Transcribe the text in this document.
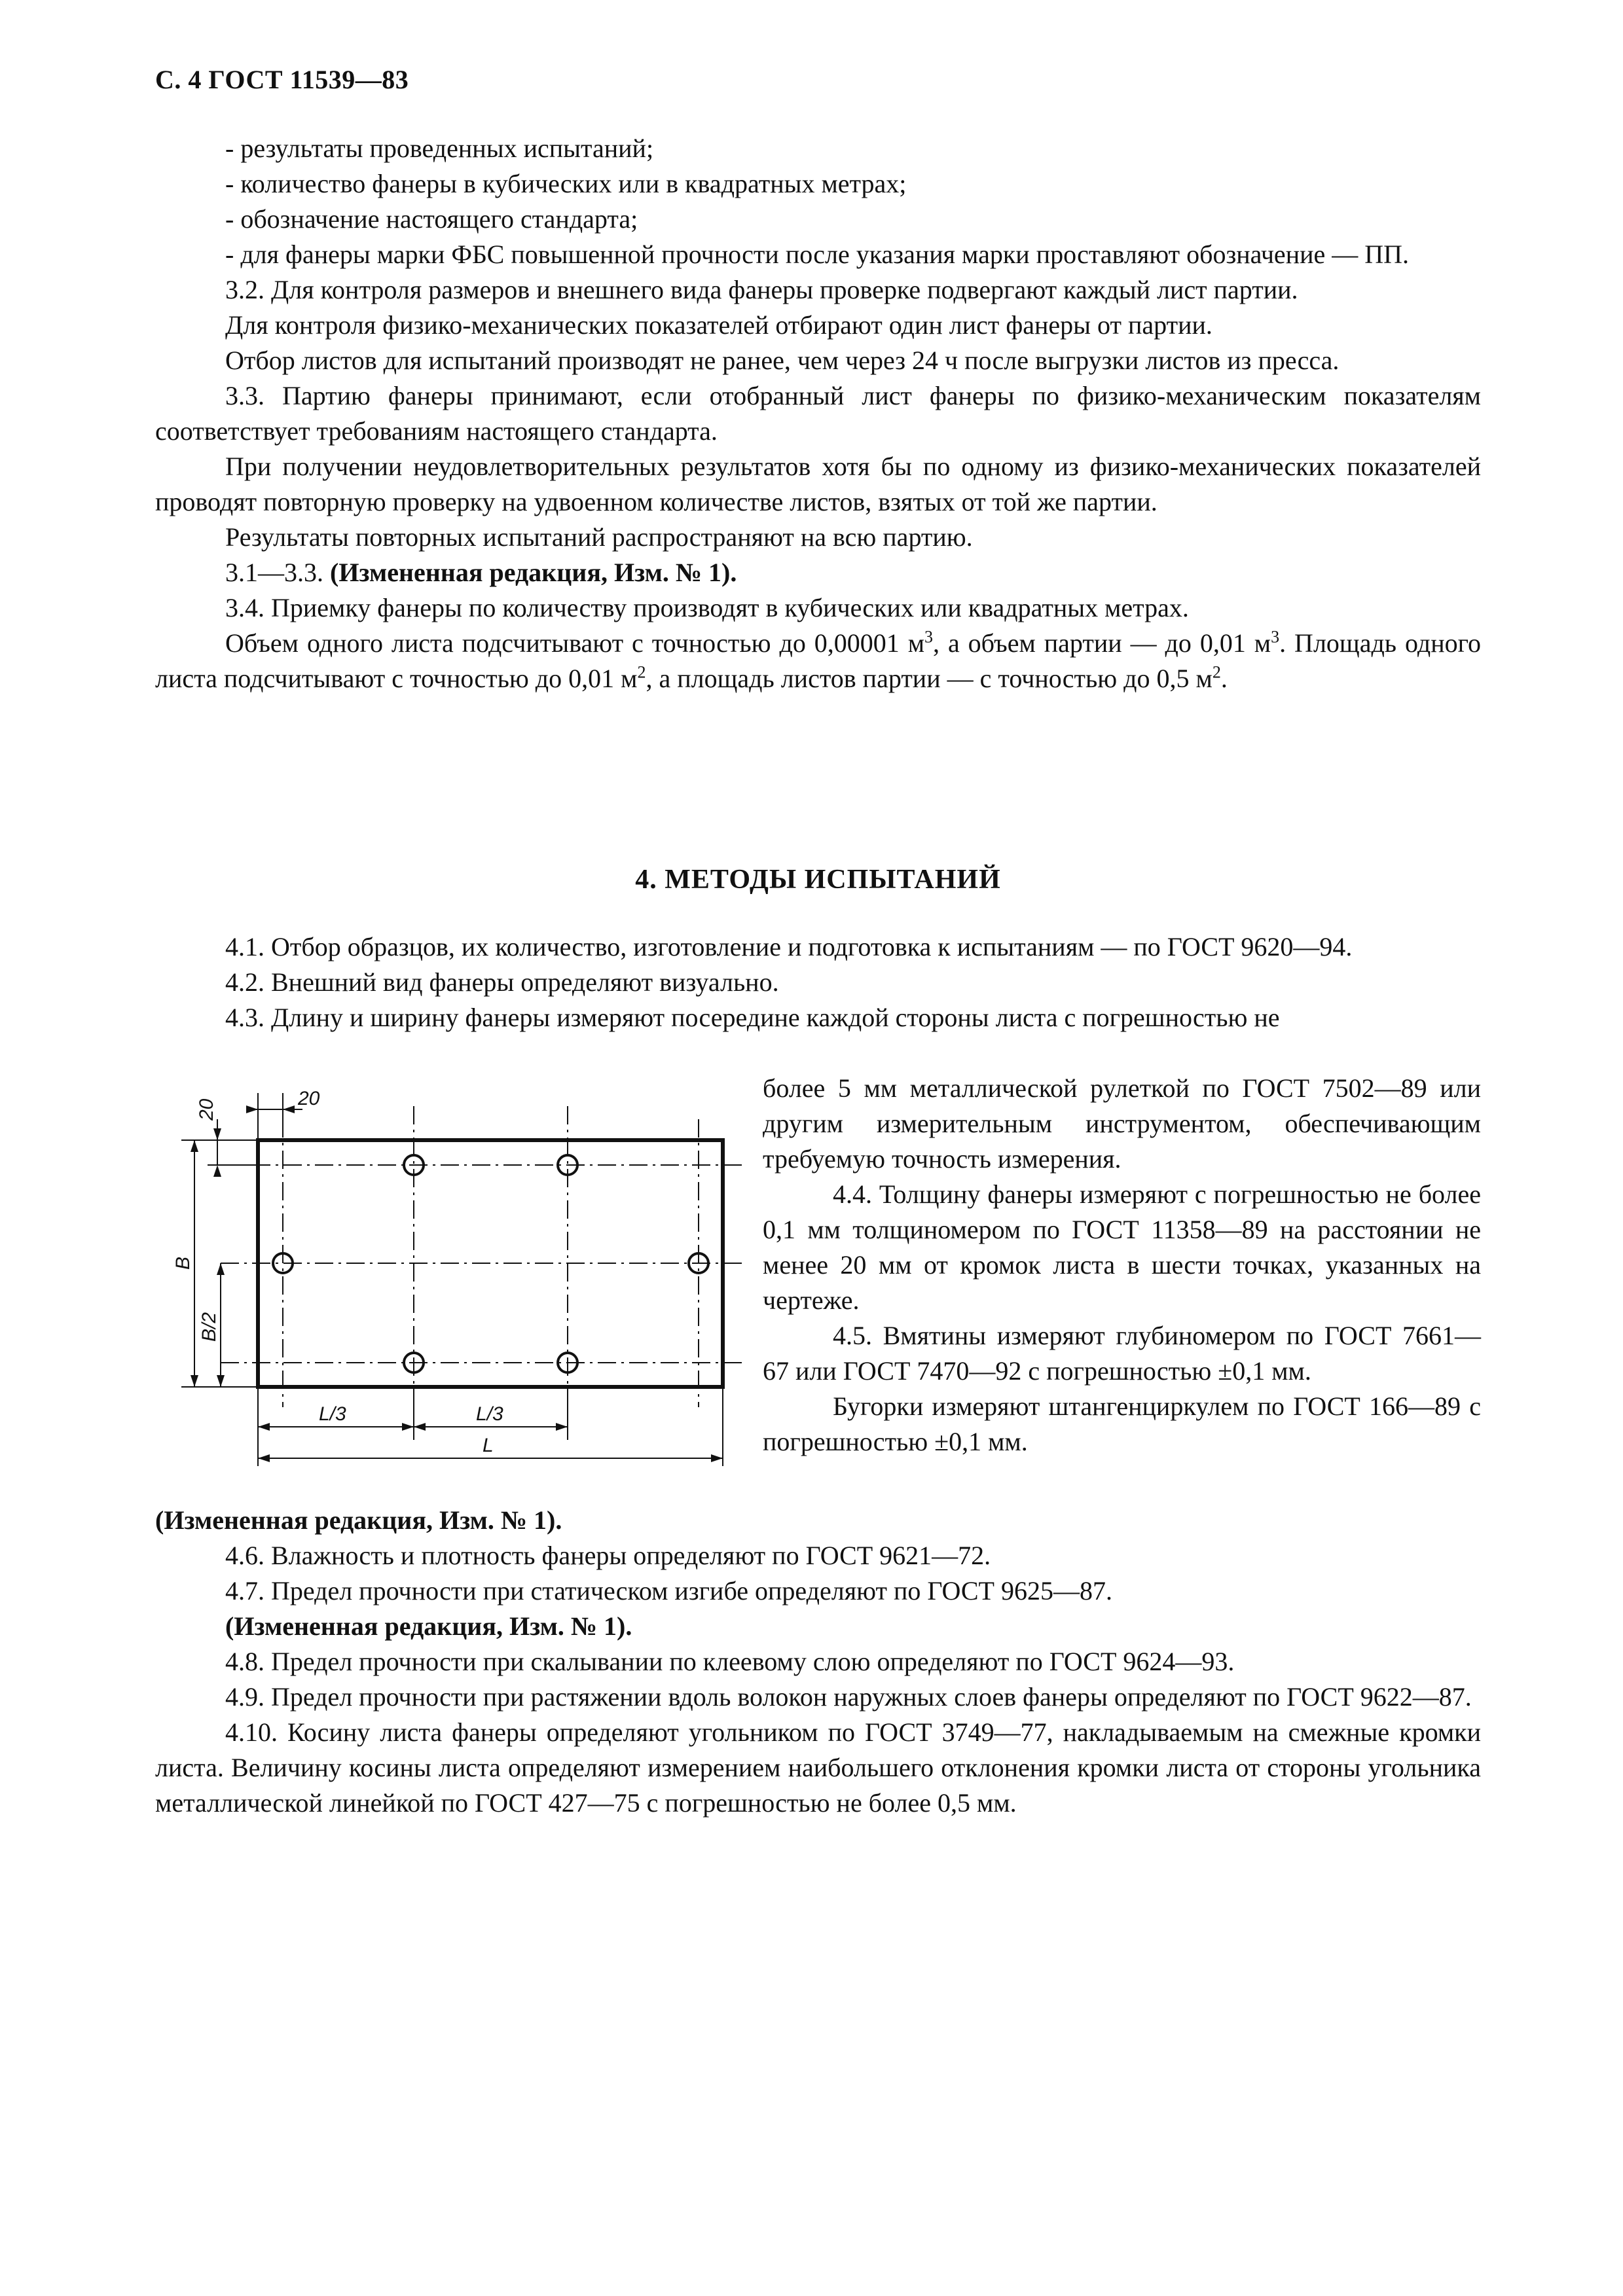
С. 4 ГОСТ 11539—83

- результаты проведенных испытаний;

- количество фанеры в кубических или в квадратных метрах;

- обозначение настоящего стандарта;

- для фанеры марки ФБС повышенной прочности после указания марки проставляют обозначение — ПП.

3.2. Для контроля размеров и внешнего вида фанеры проверке подвергают каждый лист партии.

Для контроля физико-механических показателей отбирают один лист фанеры от партии.

Отбор листов для испытаний производят не ранее, чем через 24 ч после выгрузки листов из пресса.

3.3. Партию фанеры принимают, если отобранный лист фанеры по физико-механическим показателям соответствует требованиям настоящего стандарта.

При получении неудовлетворительных результатов хотя бы по одному из физико-механических показателей проводят повторную проверку на удвоенном количестве листов, взятых от той же партии.

Результаты повторных испытаний распространяют на всю партию.

3.1—3.3. (Измененная редакция, Изм. № 1).

3.4. Приемку фанеры по количеству производят в кубических или квадратных метрах.

Объем одного листа подсчитывают с точностью до 0,00001 $м^3$, а объем партии — до 0,01 $м^3$. Площадь одного листа подсчитывают с точностью до 0,01 $м^2$, а площадь листов партии — с точностью до 0,5 $м^2$.

4. МЕТОДЫ ИСПЫТАНИЙ

4.1. Отбор образцов, их количество, изготовление и подготовка к испытаниям — по ГОСТ 9620—94.

4.2. Внешний вид фанеры определяют визуально.

4.3. Длину и ширину фанеры измеряют посередине каждой стороны листа с погрешностью не

20
20
B
B/2
L/3	L/3
L

более 5 мм металлической рулеткой по ГОСТ 7502—89 или другим измерительным инструментом, обеспечивающим требуемую точность измерения.

4.4. Толщину фанеры измеряют с погрешностью не более 0,1 мм толщиномером по ГОСТ 11358—89 на расстоянии не менее 20 мм от кромок листа в шести точках, указанных на чертеже.

4.5. Вмятины измеряют глубиномером по ГОСТ 7661—67 или ГОСТ 7470—92 с погрешностью ±0,1 мм.

Бугорки измеряют штангенциркулем по ГОСТ 166—89 с погрешностью ±0,1 мм.

(Измененная редакция, Изм. № 1).

4.6. Влажность и плотность фанеры определяют по ГОСТ 9621—72.

4.7. Предел прочности при статическом изгибе определяют по ГОСТ 9625—87.

(Измененная редакция, Изм. № 1).

4.8. Предел прочности при скалывании по клеевому слою определяют по ГОСТ 9624—93.

4.9. Предел прочности при растяжении вдоль волокон наружных слоев фанеры определяют по ГОСТ 9622—87.

4.10. Косину листа фанеры определяют угольником по ГОСТ 3749—77, накладываемым на смежные кромки листа. Величину косины листа определяют измерением наибольшего отклонения кромки листа от стороны угольника металлической линейкой по ГОСТ 427—75 с погрешностью не более 0,5 мм.
